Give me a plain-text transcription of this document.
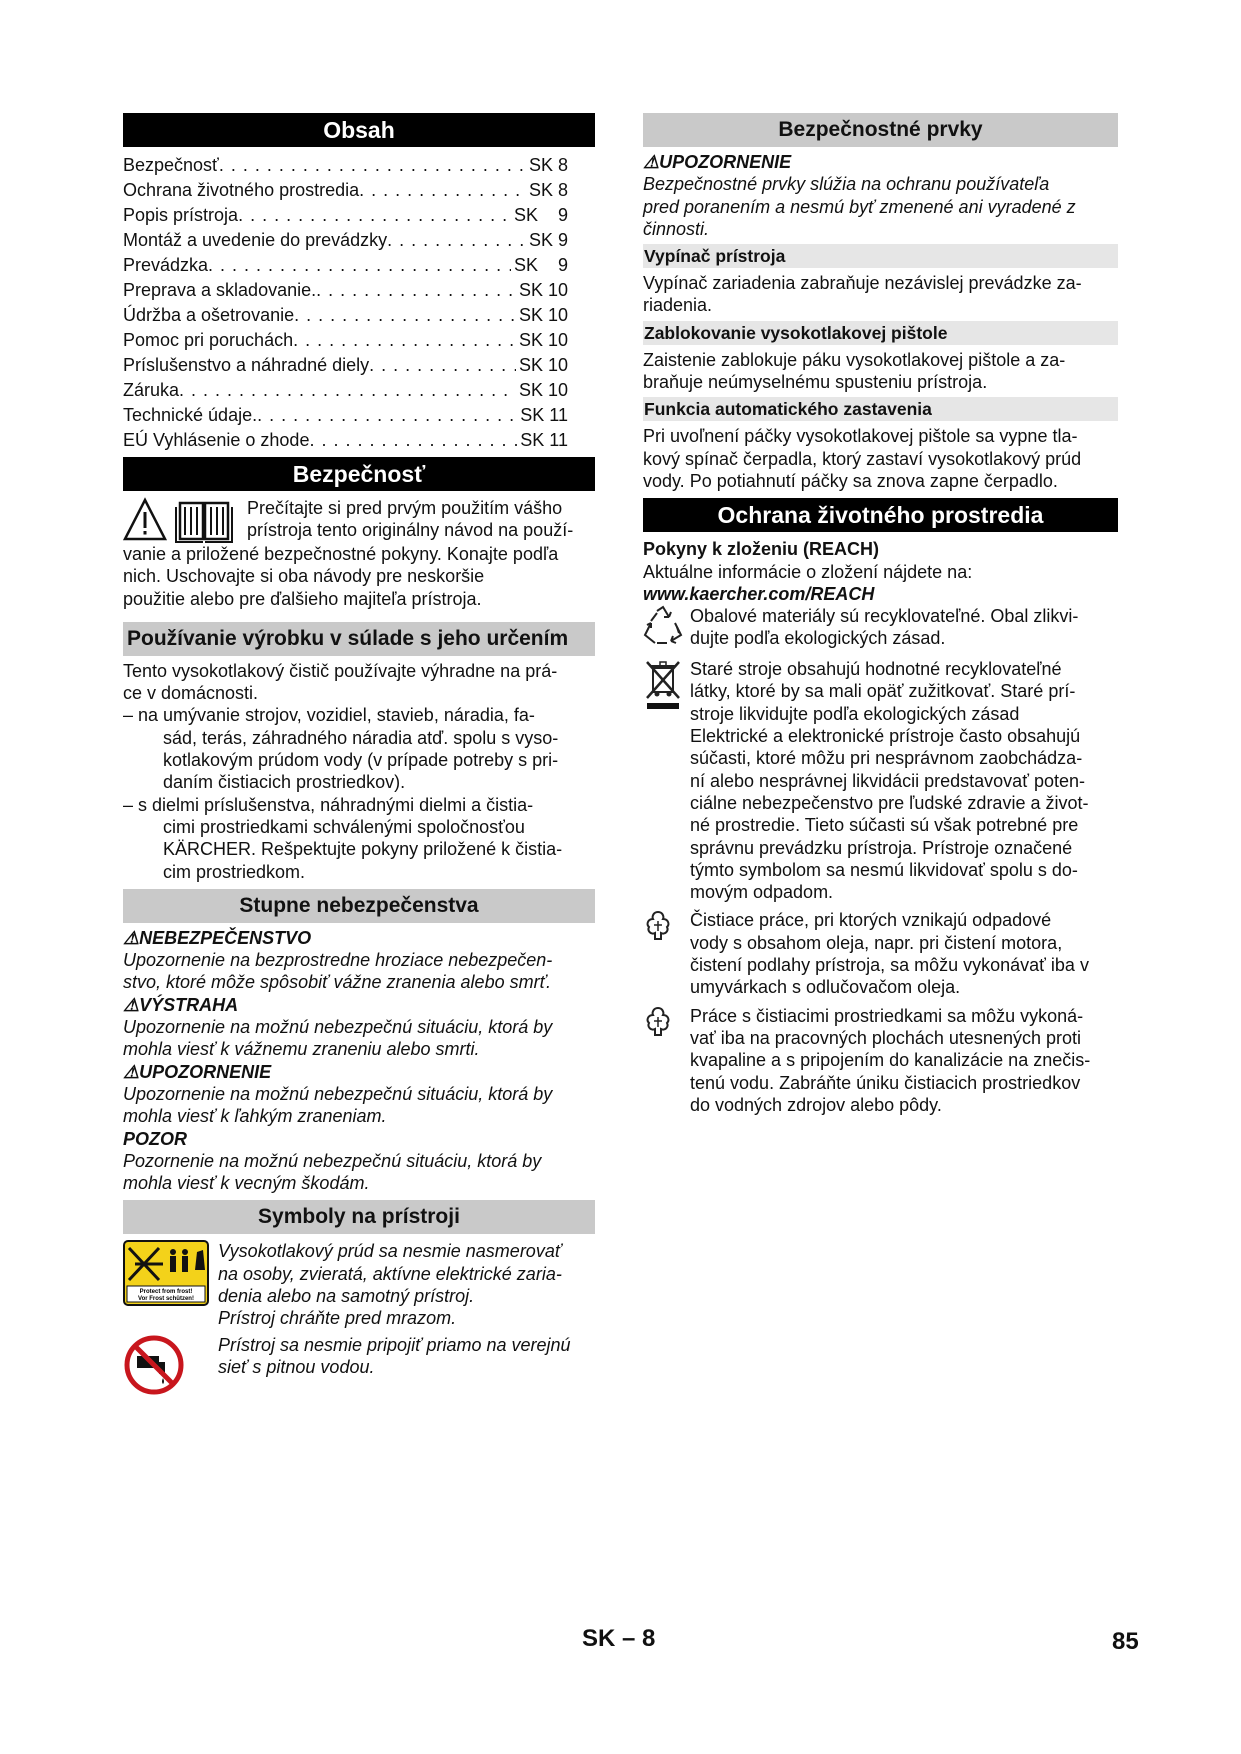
Obsah
Bezpečnosť . . .	SK 8
Ochrana životného prostredia . . .	SK 8
Popis prístroja . . .	SK    9
Montáž a uvedenie do prevádzky . . .	SK 9
Prevádzka . . .	SK    9
Preprava a skladovanie. . . .	SK 10
Údržba a ošetrovanie . . .	SK 10
Pomoc pri poruchách . . .	SK 10
Príslušenstvo a náhradné diely . . .	SK 10
Záruka . . .	SK 10
Technické údaje. . . .	SK 11
EÚ Vyhlásenie o zhode . . .	SK 11
Bezpečnosť

Prečítajte si pred prvým použitím vášho

prístroja tento originálny návod na použí-

vanie a priložené bezpečnostné pokyny. Konajte podľa

nich. Uschovajte si oba návody pre neskoršie

použitie alebo pre ďalšieho majiteľa prístroja.

Používanie výrobku v súlade s jeho určením

Tento vysokotlakový čistič používajte výhradne na prá-

ce v domácnosti.

– na umývanie strojov, vozidiel, stavieb, náradia, fa-

sád, terás, záhradného náradia atď. spolu s vyso-

kotlakovým prúdom vody (v prípade potreby s pri-

daním čistiacich prostriedkov).

– s dielmi príslušenstva, náhradnými dielmi a čistia-

cimi prostriedkami schválenými spoločnosťou

KÄRCHER. Rešpektujte pokyny priložené k čistia-

cim prostriedkom.

Stupne nebezpečenstva

⚠NEBEZPEČENSTVO

Upozornenie na bezprostredne hroziace nebezpečen-

stvo, ktoré môže spôsobiť vážne zranenia alebo smrť.

⚠VÝSTRAHA

Upozornenie na možnú nebezpečnú situáciu, ktorá by

mohla viesť k vážnemu zraneniu alebo smrti.

⚠UPOZORNENIE

Upozornenie na možnú nebezpečnú situáciu, ktorá by

mohla viesť k ľahkým zraneniam.

POZOR

Pozornenie na možnú nebezpečnú situáciu, ktorá by

mohla viesť k vecným škodám.

Symboly na prístroji
Protect from frost!
Vor Frost schützen!

Vysokotlakový prúd sa nesmie nasmerovať

na osoby, zvieratá, aktívne elektrické zaria-

denia alebo na samotný prístroj.

Prístroj chráňte pred mrazom.

Prístroj sa nesmie pripojiť priamo na verejnú

sieť s pitnou vodou.

Bezpečnostné prvky

⚠UPOZORNENIE

Bezpečnostné prvky slúžia na ochranu používateľa

pred poranením a nesmú byť zmenené ani vyradené z

činnosti.

Vypínač prístroja

Vypínač zariadenia zabraňuje nezávislej prevádzke za-

riadenia.

Zablokovanie vysokotlakovej pištole

Zaistenie zablokuje páku vysokotlakovej pištole a za-

braňuje neúmyselnému spusteniu prístroja.

Funkcia automatického zastavenia

Pri uvoľnení páčky vysokotlakovej pištole sa vypne tla-

kový spínač čerpadla, ktorý zastaví vysokotlakový prúd

vody. Po potiahnutí páčky sa znova zapne čerpadlo.

Ochrana životného prostredia

Pokyny k zloženiu (REACH)

Aktuálne informácie o zložení nájdete na:

www.kaercher.com/REACH

Obalové materiály sú recyklovateľné. Obal zlikvi-

dujte podľa ekologických zásad.

Staré stroje obsahujú hodnotné recyklovateľné

látky, ktoré by sa mali opäť zužitkovať. Staré prí-

stroje likvidujte podľa ekologických zásad

Elektrické a elektronické prístroje často obsahujú

súčasti, ktoré môžu pri nesprávnom zaobchádza-

ní alebo nesprávnej likvidácii predstavovať poten-

ciálne nebezpečenstvo pre ľudské zdravie a život-

né prostredie. Tieto súčasti sú však potrebné pre

správnu prevádzku prístroja. Prístroje označené

týmto symbolom sa nesmú likvidovať spolu s do-

movým odpadom.

Čistiace práce, pri ktorých vznikajú odpadové

vody s obsahom oleja, napr. pri čistení motora,

čistení podlahy prístroja, sa môžu vykonávať iba v

umyvárkach s odlučovačom oleja.

Práce s čistiacimi prostriedkami sa môžu vykoná-

vať iba na pracovných plochách utesnených proti

kvapaline a s pripojením do kanalizácie na znečis-

tenú vodu. Zabráňte úniku čistiacich prostriedkov

do vodných zdrojov alebo pôdy.

SK – 8	85
